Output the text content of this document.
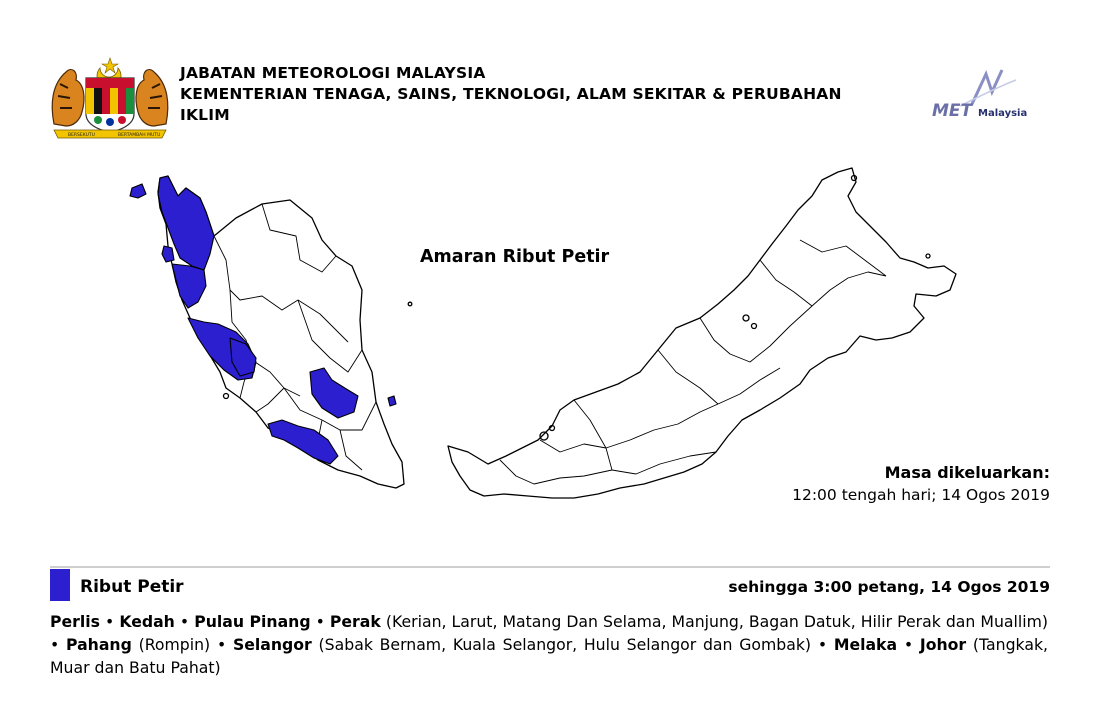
BERSEKUTU	BERTAMBAH MUTU
JABATAN METEOROLOGI MALAYSIA
KEMENTERIAN TENAGA, SAINS, TEKNOLOGI, ALAM SEKITAR & PERUBAHAN
IKLIM	MET Malaysia
Amaran Ribut Petir
Masa dikeluarkan:
12:00 tengah hari; 14 Ogos 2019
Ribut Petir	sehingga 3:00 petang, 14 Ogos 2019
Perlis • Kedah • Pulau Pinang • Perak (Kerian, Larut, Matang Dan Selama, Manjung, Bagan Datuk, Hilir Perak dan Muallim) • Pahang (Rompin) • Selangor (Sabak Bernam, Kuala Selangor, Hulu Selangor dan Gombak) • Melaka • Johor (Tangkak, Muar dan Batu Pahat)
